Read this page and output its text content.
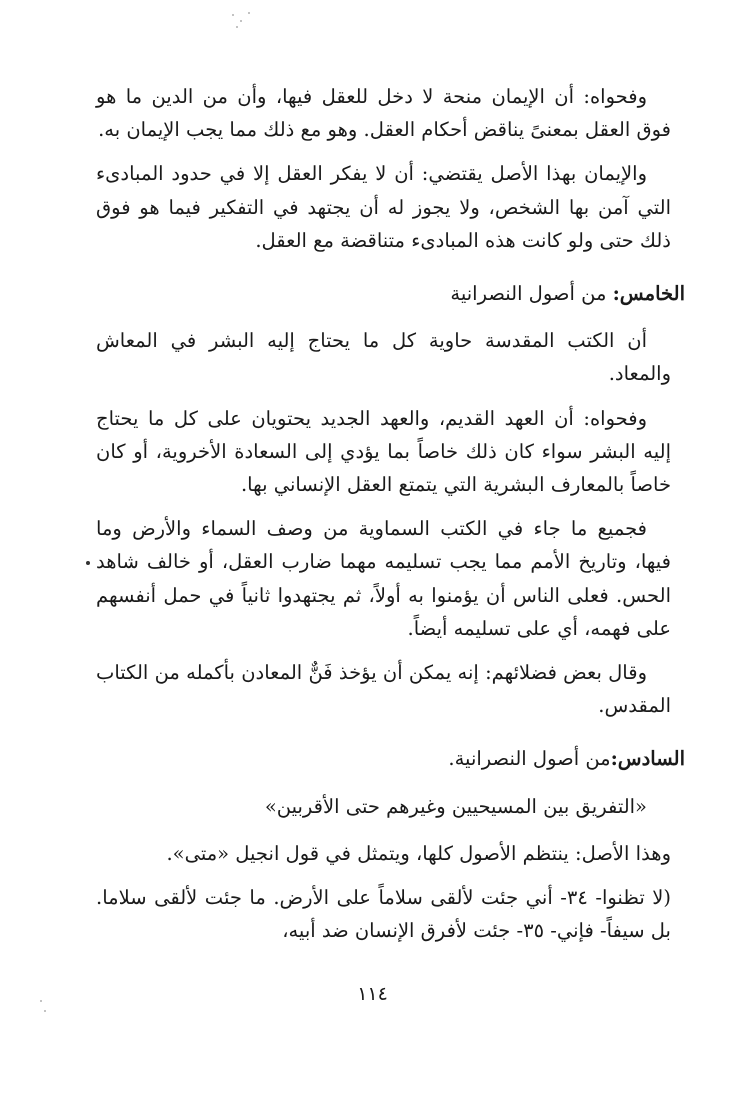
وفحواه: أن الإيمان منحة لا دخل للعقل فيها، وأن من الدين ما هو فوق العقل بمعنىً يناقض أحكام العقل. وهو مع ذلك مما يجب الإيمان به.

والإيمان بهذا الأصل يقتضي: أن لا يفكر العقل إلا في حدود المبادىء التي آمن بها الشخص، ولا يجوز له أن يجتهد في التفكير فيما هو فوق ذلك حتى ولو كانت هذه المبادىء متناقضة مع العقل.

الخامس: من أصول النصرانية

أن الكتب المقدسة حاوية كل ما يحتاج إليه البشر في المعاش والمعاد.

وفحواه: أن العهد القديم، والعهد الجديد يحتويان على كل ما يحتاج إليه البشر سواء كان ذلك خاصاً بما يؤدي إلى السعادة الأخروية، أو كان خاصاً بالمعارف البشرية التي يتمتع العقل الإنساني بها.

فجميع ما جاء في الكتب السماوية من وصف السماء والأرض وما فيها، وتاريخ الأمم مما يجب تسليمه مهما ضارب العقل، أو خالف شاهد الحس. فعلى الناس أن يؤمنوا به أولاً، ثم يجتهدوا ثانياً في حمل أنفسهم على فهمه، أي على تسليمه أيضاً.

وقال بعض فضلائهم: إنه يمكن أن يؤخذ فَنٌّ المعادن بأكمله من الكتاب المقدس.

السادس:من أصول النصرانية.

«التفريق بين المسيحيين وغيرهم حتى الأقربين»

وهذا الأصل: ينتظم الأصول كلها، ويتمثل في قول انجيل «متى».

(لا تظنوا- ٣٤- أني جئت لألقى سلاماً على الأرض. ما جئت لألقى سلاما. بل سيفاً- فإني- ٣٥- جئت لأفرق الإنسان ضد أبيه،

١١٤
